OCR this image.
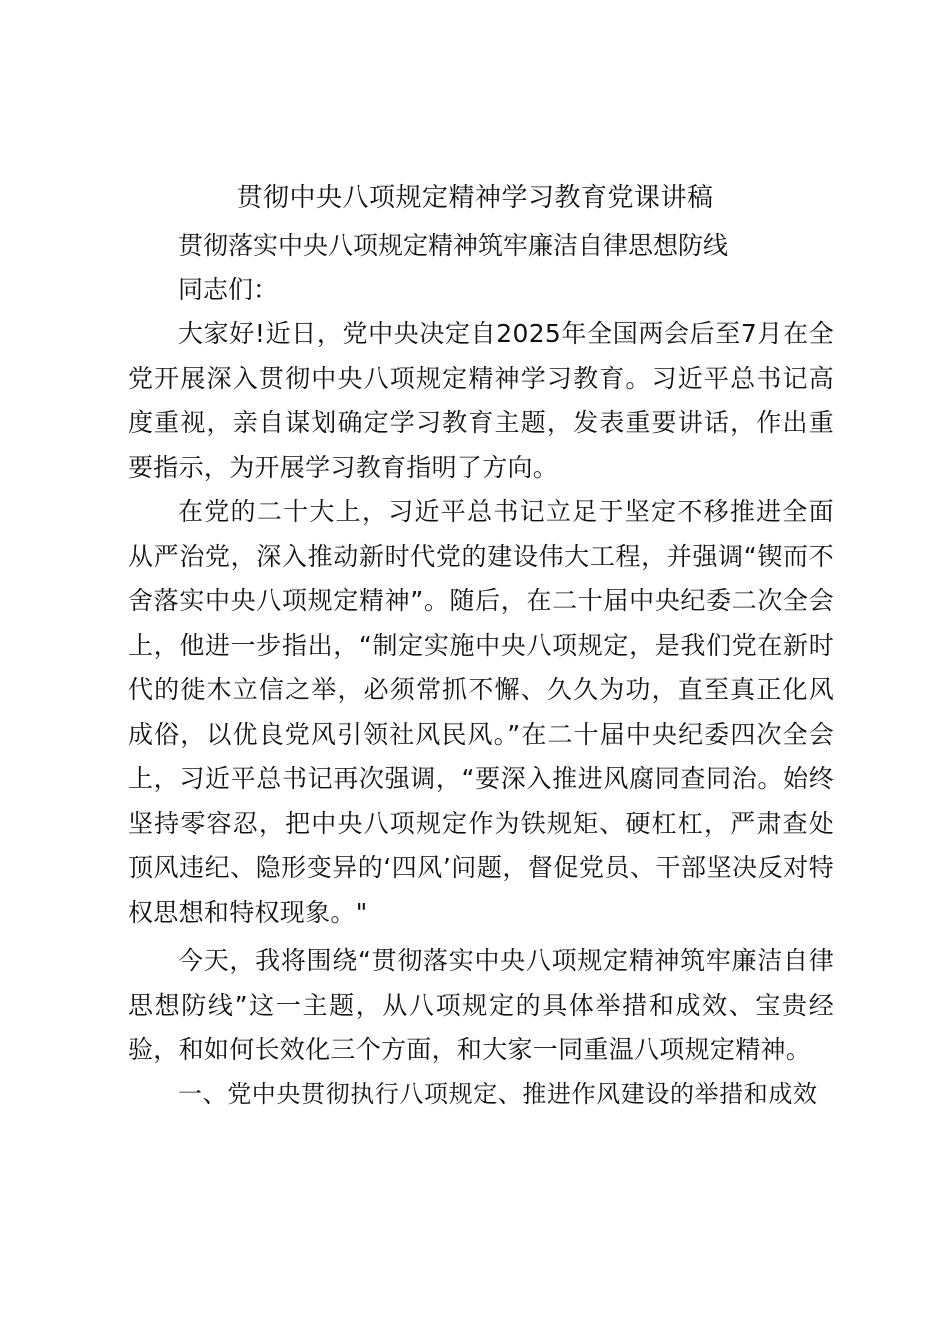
贯彻中央八项规定精神学习教育党课讲稿

贯彻落实中央八项规定精神筑牢廉洁自律思想防线

同志们：

大家好!近日，党中央决定自2025年全国两会后至7月在全党开展深入贯彻中央八项规定精神学习教育。习近平总书记高度重视，亲自谋划确定学习教育主题，发表重要讲话，作出重要指示，为开展学习教育指明了方向。

在党的二十大上，习近平总书记立足于坚定不移推进全面从严治党，深入推动新时代党的建设伟大工程，并强调“锲而不舍落实中央八项规定精神”。随后，在二十届中央纪委二次全会上，他进一步指出，“制定实施中央八项规定，是我们党在新时代的徙木立信之举，必须常抓不懈、久久为功，直至真正化风成俗，以优良党风引领社风民风。”在二十届中央纪委四次全会上，习近平总书记再次强调，“要深入推进风腐同查同治。始终坚持零容忍，把中央八项规定作为铁规矩、硬杠杠，严肃查处顶风违纪、隐形变异的‘四风’问题，督促党员、干部坚决反对特权思想和特权现象。"

今天，我将围绕“贯彻落实中央八项规定精神筑牢廉洁自律思想防线”这一主题，从八项规定的具体举措和成效、宝贵经验，和如何长效化三个方面，和大家一同重温八项规定精神。

一、党中央贯彻执行八项规定、推进作风建设的举措和成效
